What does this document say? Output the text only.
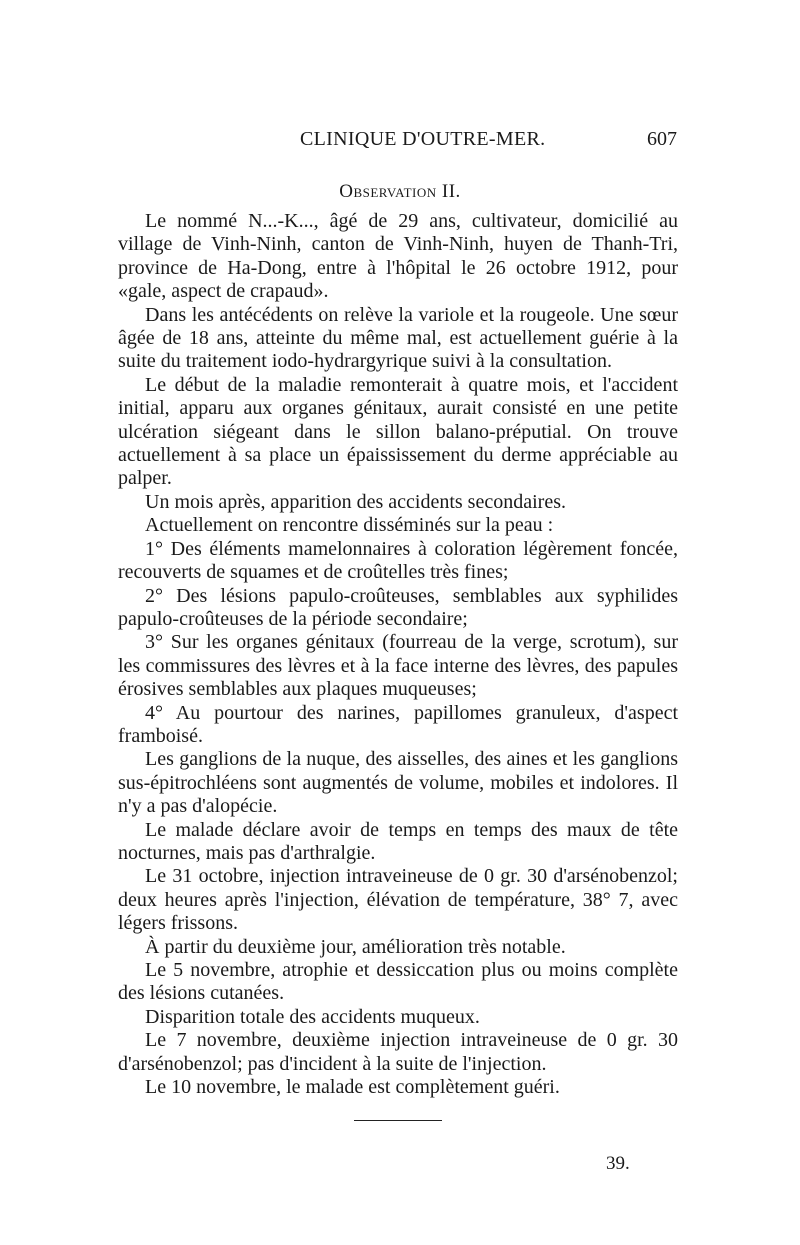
CLINIQUE D'OUTRE-MER.	607
Observation II.

Le nommé N...-K..., âgé de 29 ans, cultivateur, domicilié au village de Vinh-Ninh, canton de Vinh-Ninh, huyen de Thanh-Tri, province de Ha-Dong, entre à l'hôpital le 26 octobre 1912, pour «gale, aspect de crapaud».

Dans les antécédents on relève la variole et la rougeole. Une sœur âgée de 18 ans, atteinte du même mal, est actuellement guérie à la suite du traitement iodo-hydrargyrique suivi à la consultation.

Le début de la maladie remonterait à quatre mois, et l'accident initial, apparu aux organes génitaux, aurait consisté en une petite ulcération siégeant dans le sillon balano-préputial. On trouve actuellement à sa place un épaississement du derme appréciable au palper.

Un mois après, apparition des accidents secondaires.

Actuellement on rencontre disséminés sur la peau :

1° Des éléments mamelonnaires à coloration légèrement foncée, recouverts de squames et de croûtelles très fines;

2° Des lésions papulo-croûteuses, semblables aux syphilides papulo-croûteuses de la période secondaire;

3° Sur les organes génitaux (fourreau de la verge, scrotum), sur les commissures des lèvres et à la face interne des lèvres, des papules érosives semblables aux plaques muqueuses;

4° Au pourtour des narines, papillomes granuleux, d'aspect framboisé.

Les ganglions de la nuque, des aisselles, des aines et les ganglions sus-épitrochléens sont augmentés de volume, mobiles et indolores. Il n'y a pas d'alopécie.

Le malade déclare avoir de temps en temps des maux de tête nocturnes, mais pas d'arthralgie.

Le 31 octobre, injection intraveineuse de 0 gr. 30 d'arsénobenzol; deux heures après l'injection, élévation de température, 38° 7, avec légers frissons.

À partir du deuxième jour, amélioration très notable.

Le 5 novembre, atrophie et dessiccation plus ou moins complète des lésions cutanées.

Disparition totale des accidents muqueux.

Le 7 novembre, deuxième injection intraveineuse de 0 gr. 30 d'arsénobenzol; pas d'incident à la suite de l'injection.

Le 10 novembre, le malade est complètement guéri.

39.
